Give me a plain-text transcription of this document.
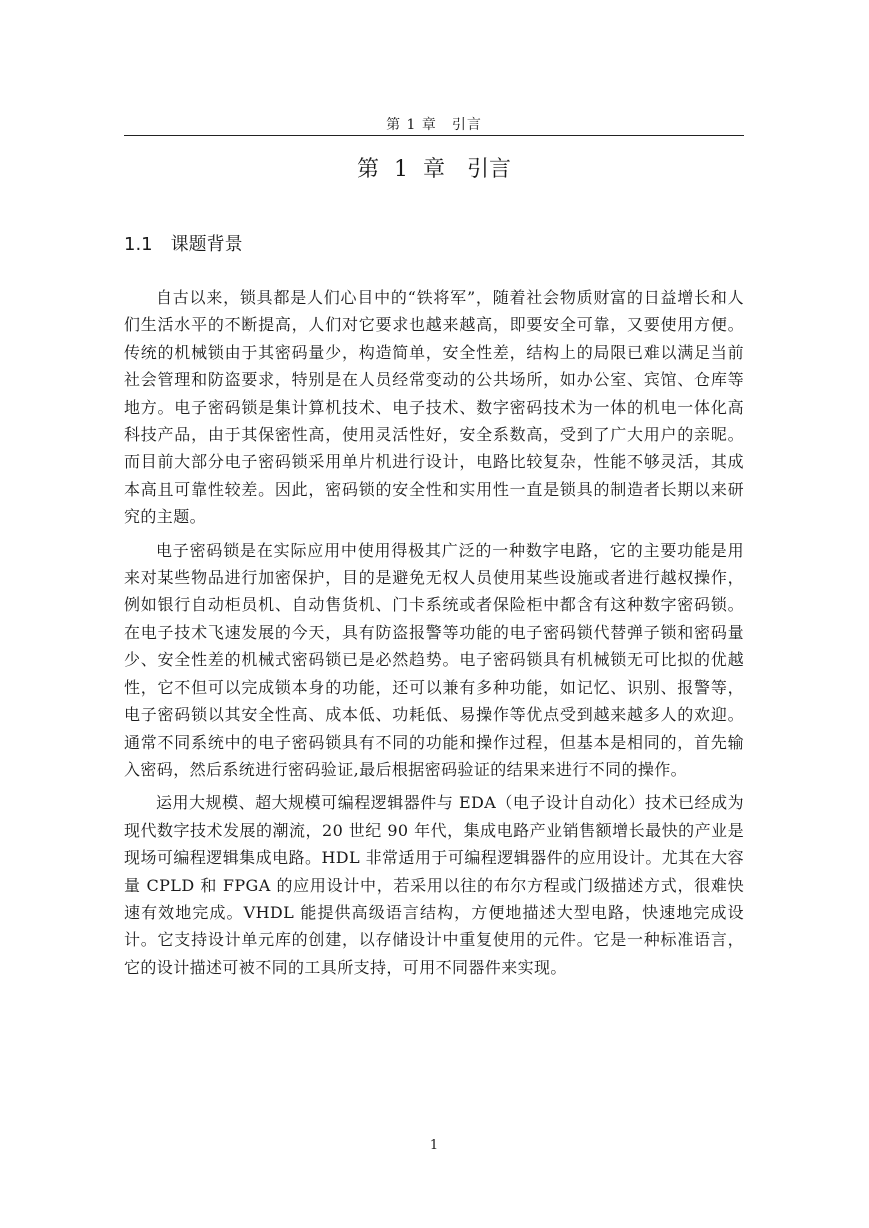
第 1 章　引言
第 1 章　引言
1.1　课题背景

自古以来，锁具都是人们心目中的“铁将军”，随着社会物质财富的日益增长和人们生活水平的不断提高，人们对它要求也越来越高，即要安全可靠，又要使用方便。传统的机械锁由于其密码量少，构造简单，安全性差，结构上的局限已难以满足当前社会管理和防盗要求，特别是在人员经常变动的公共场所，如办公室、宾馆、仓库等地方。电子密码锁是集计算机技术、电子技术、数字密码技术为一体的机电一体化高科技产品，由于其保密性高，使用灵活性好，安全系数高，受到了广大用户的亲昵。而目前大部分电子密码锁采用单片机进行设计，电路比较复杂，性能不够灵活，其成本高且可靠性较差。因此，密码锁的安全性和实用性一直是锁具的制造者长期以来研究的主题。

电子密码锁是在实际应用中使用得极其广泛的一种数字电路，它的主要功能是用来对某些物品进行加密保护，目的是避免无权人员使用某些设施或者进行越权操作，例如银行自动柜员机、自动售货机、门卡系统或者保险柜中都含有这种数字密码锁。在电子技术飞速发展的今天，具有防盗报警等功能的电子密码锁代替弹子锁和密码量少、安全性差的机械式密码锁已是必然趋势。电子密码锁具有机械锁无可比拟的优越性，它不但可以完成锁本身的功能，还可以兼有多种功能，如记忆、识别、报警等，电子密码锁以其安全性高、成本低、功耗低、易操作等优点受到越来越多人的欢迎。通常不同系统中的电子密码锁具有不同的功能和操作过程，但基本是相同的，首先输入密码，然后系统进行密码验证,最后根据密码验证的结果来进行不同的操作。

运用大规模、超大规模可编程逻辑器件与 EDA（电子设计自动化）技术已经成为现代数字技术发展的潮流，20 世纪 90 年代，集成电路产业销售额增长最快的产业是现场可编程逻辑集成电路。HDL 非常适用于可编程逻辑器件的应用设计。尤其在大容量 CPLD 和 FPGA 的应用设计中，若采用以往的布尔方程或门级描述方式，很难快速有效地完成。VHDL 能提供高级语言结构，方便地描述大型电路，快速地完成设计。它支持设计单元库的创建，以存储设计中重复使用的元件。它是一种标准语言，它的设计描述可被不同的工具所支持，可用不同器件来实现。

1
